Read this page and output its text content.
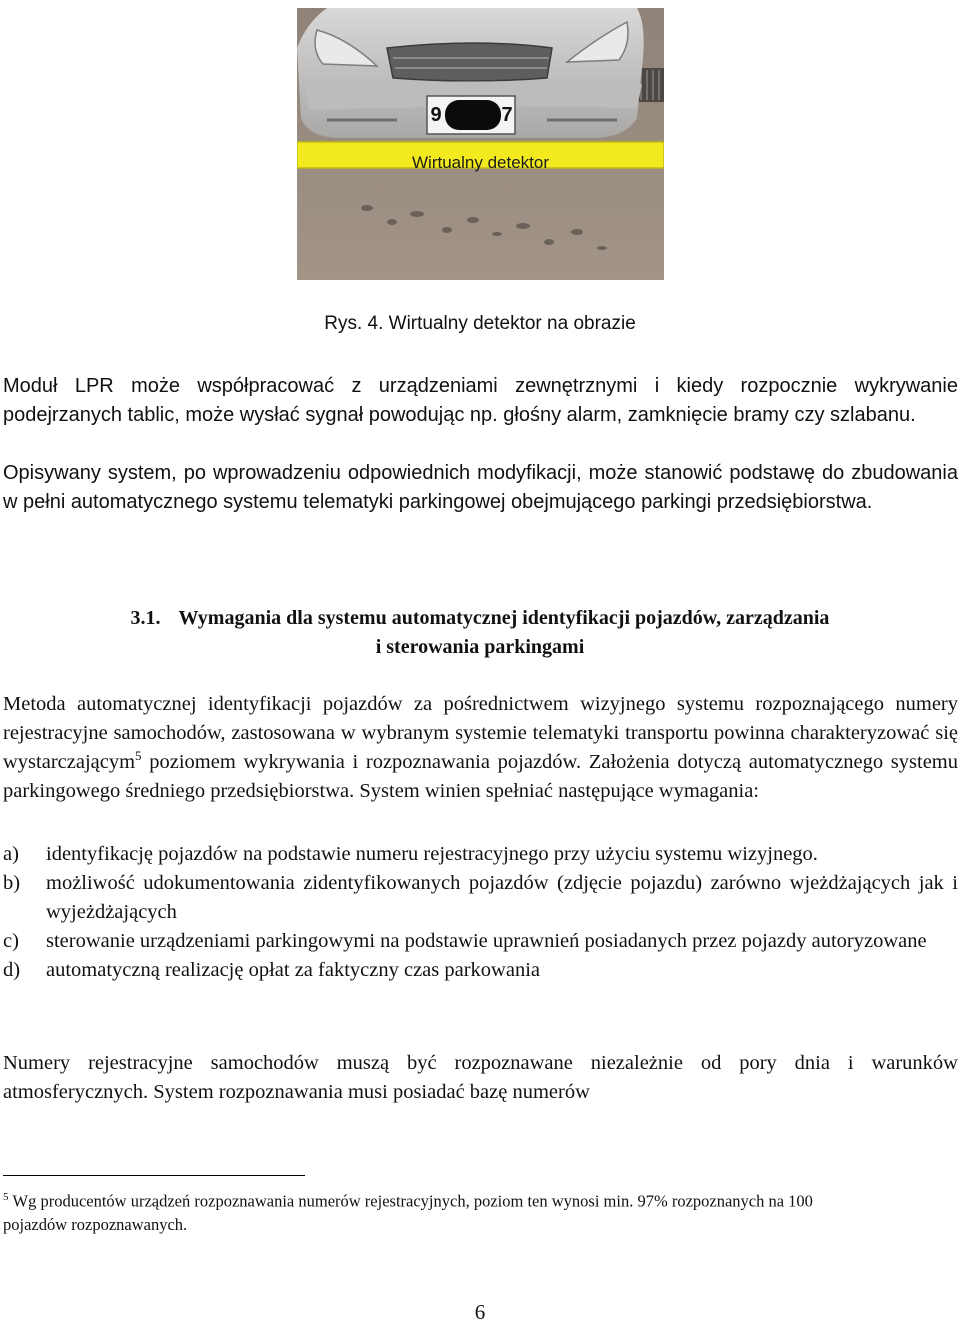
Wirtualny detektor
9	7
Rys. 4. Wirtualny detektor na obrazie
Moduł LPR może współpracować z urządzeniami zewnętrznymi i kiedy rozpocznie wykrywanie podejrzanych tablic, może wysłać sygnał powodując np. głośny alarm, zamknięcie bramy czy szlabanu.
Opisywany system, po wprowadzeniu odpowiednich modyfikacji, może stanowić podstawę do zbudowania w pełni automatycznego systemu telematyki parkingowej obejmującego parkingi przedsiębiorstwa.
3.1. Wymagania dla systemu automatycznej identyfikacji pojazdów, zarządzania
i sterowania parkingami
Metoda automatycznej identyfikacji pojazdów za pośrednictwem wizyjnego systemu rozpoznającego numery rejestracyjne samochodów, zastosowana w wybranym systemie telematyki transportu powinna charakteryzować się wystarczającym$^5$ poziomem wykrywania i rozpoznawania pojazdów. Założenia dotyczą automatycznego systemu parkingowego średniego przedsiębiorstwa. System winien spełniać następujące wymagania:
a) identyfikację pojazdów na podstawie numeru rejestracyjnego przy użyciu systemu wizyjnego.
b) możliwość udokumentowania zidentyfikowanych pojazdów (zdjęcie pojazdu) zarówno wjeżdżających jak i wyjeżdżających
c) sterowanie urządzeniami parkingowymi na podstawie uprawnień posiadanych przez pojazdy autoryzowane
d) automatyczną realizację opłat za faktyczny czas parkowania
Numery rejestracyjne samochodów muszą być rozpoznawane niezależnie od pory dnia i warunków atmosferycznych. System rozpoznawania musi posiadać bazę numerów
$^5$ Wg producentów urządzeń rozpoznawania numerów rejestracyjnych, poziom ten wynosi min. 97% rozpoznanych na 100 pojazdów rozpoznawanych.
6
